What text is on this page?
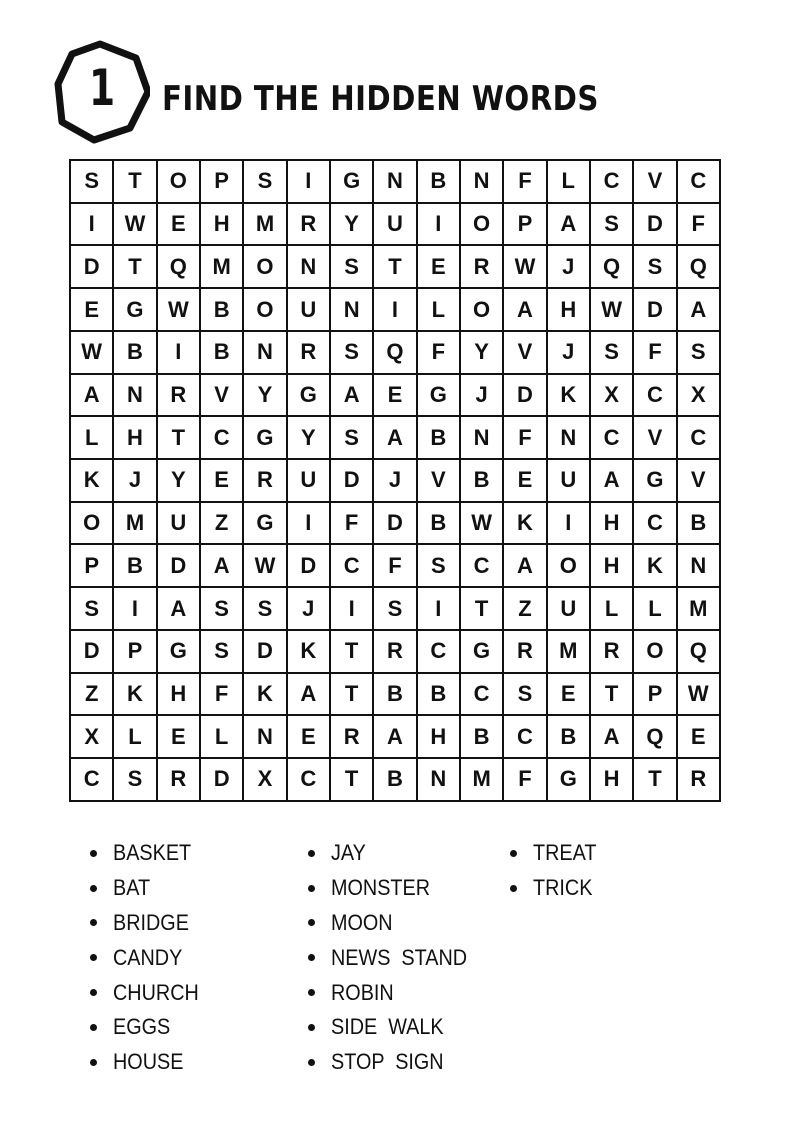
1	FIND THE HIDDEN WORDS
S	T	O	P	S	I	G	N	B	N	F	L	C	V	C
I	W	E	H	M	R	Y	U	I	O	P	A	S	D	F
D	T	Q	M	O	N	S	T	E	R	W	J	Q	S	Q
E	G	W	B	O	U	N	I	L	O	A	H	W	D	A
W	B	I	B	N	R	S	Q	F	Y	V	J	S	F	S
A	N	R	V	Y	G	A	E	G	J	D	K	X	C	X
L	H	T	C	G	Y	S	A	B	N	F	N	C	V	C
K	J	Y	E	R	U	D	J	V	B	E	U	A	G	V
O	M	U	Z	G	I	F	D	B	W	K	I	H	C	B
P	B	D	A	W	D	C	F	S	C	A	O	H	K	N
S	I	A	S	S	J	I	S	I	T	Z	U	L	L	M
D	P	G	S	D	K	T	R	C	G	R	M	R	O	Q
Z	K	H	F	K	A	T	B	B	C	S	E	T	P	W
X	L	E	L	N	E	R	A	H	B	C	B	A	Q	E
C	S	R	D	X	C	T	B	N	M	F	G	H	T	R
BASKET
BAT
BRIDGE
CANDY
CHURCH
EGGS
HOUSE
JAY
MONSTER
MOON
NEWS  STAND
ROBIN
SIDE  WALK
STOP  SIGN
TREAT
TRICK
